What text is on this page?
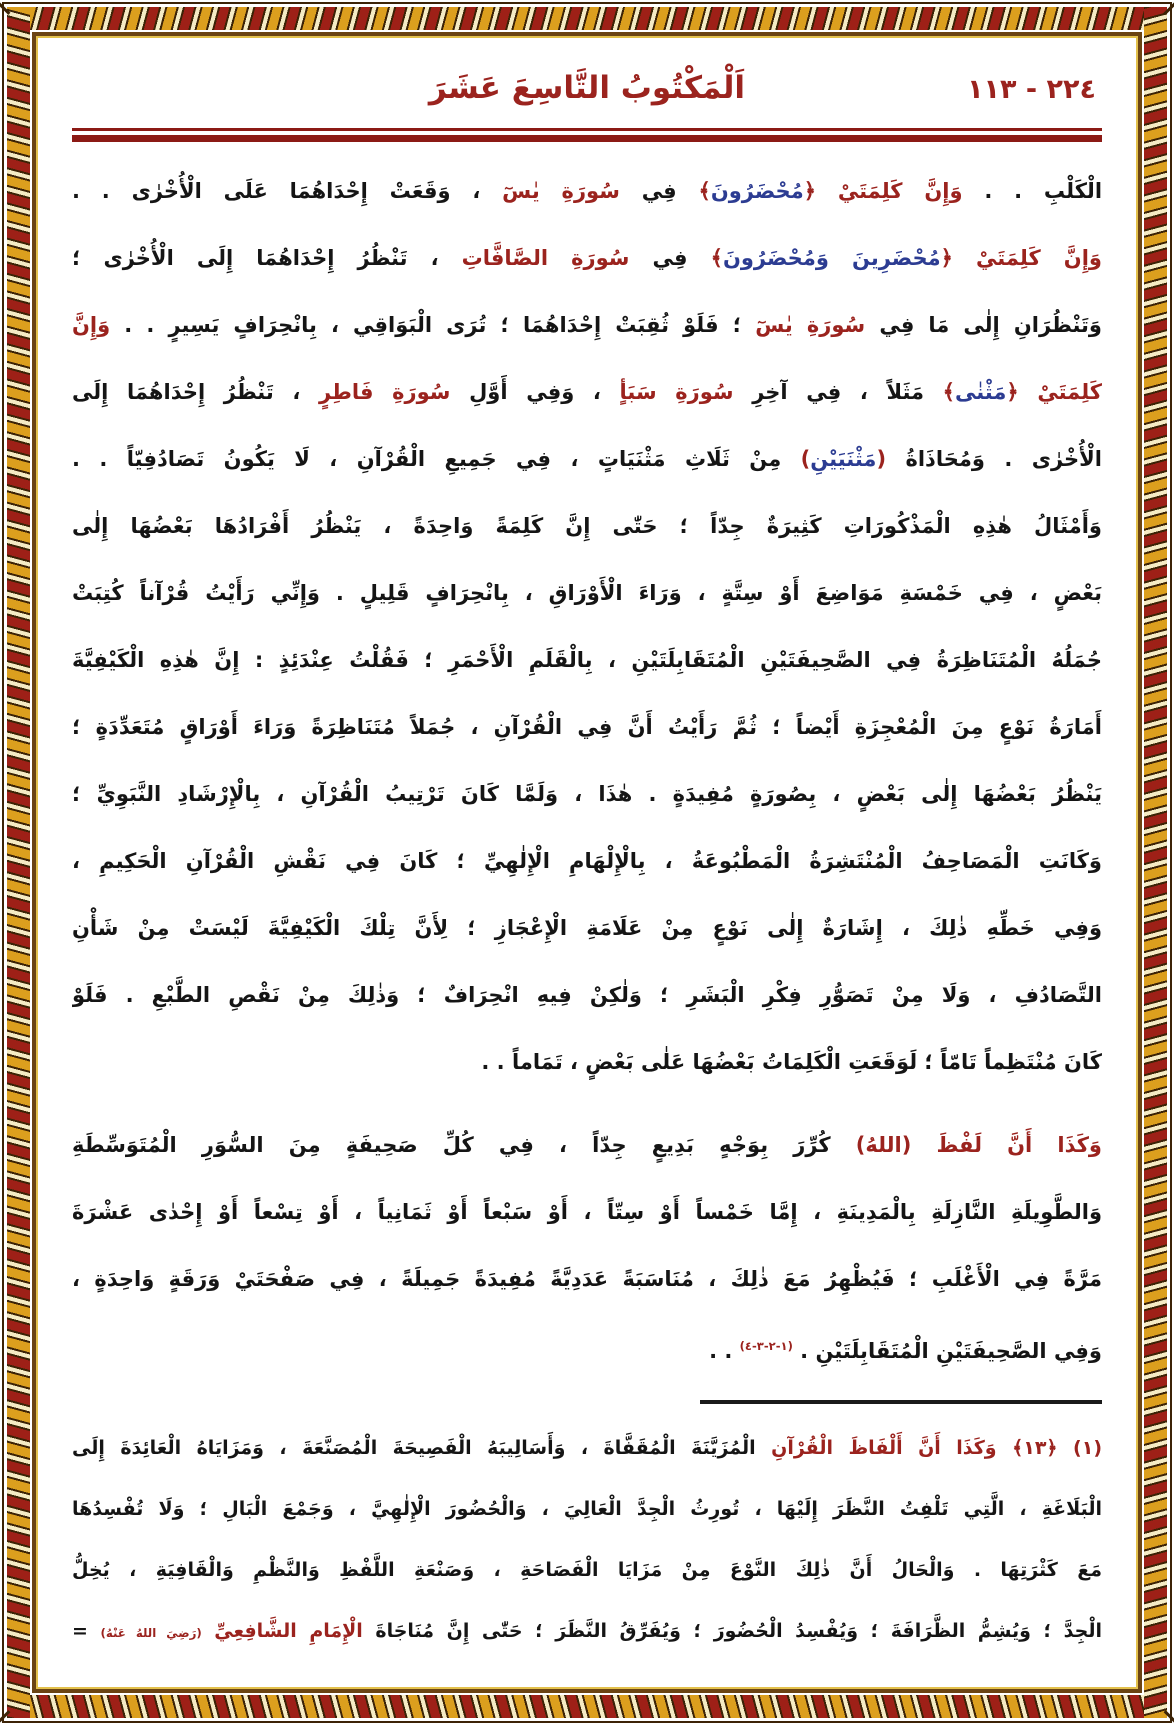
٢٢٤ - ١١٣
اَلْمَكْتُوبُ التَّاسِعَ عَشَرَ
الْكَلْبِ . . وَإِنَّ كَلِمَتَيْ ﴿مُحْضَرُونَ﴾ فِي سُورَةِ يٰسٓ ، وَقَعَتْ إِحْدَاهُمَا عَلَى الْأُخْرٰى . .
وَإِنَّ كَلِمَتَيْ ﴿مُحْضَرِينَ وَمُحْضَرُونَ﴾ فِي سُورَةِ الصَّافَّاتِ ، تَنْظُرُ إِحْدَاهُمَا إِلَى الْأُخْرٰى ؛
وَتَنْظُرَانِ إِلٰى مَا فِي سُورَةِ يٰسٓ ؛ فَلَوْ ثُقِبَتْ إِحْدَاهُمَا ؛ تُرَى الْبَوَاقِي ، بِانْحِرَافٍ يَسِيرٍ . . وَإِنَّ
كَلِمَتَيْ ﴿مَثْنٰى﴾ مَثَلاً ، فِي آخِرِ سُورَةِ سَبَأٍ ، وَفِي أَوَّلِ سُورَةِ فَاطِرٍ ، تَنْظُرُ إِحْدَاهُمَا إِلَى
الْأُخْرٰى . وَمُحَاذَاةُ (مَثْنَيَيْنِ) مِنْ ثَلَاثِ مَثْنَيَاتٍ ، فِي جَمِيعِ الْقُرْآنِ ، لَا يَكُونُ تَصَادُفِيّاً . .
وَأَمْثَالُ هٰذِهِ الْمَذْكُورَاتِ كَثِيرَةٌ جِدّاً ؛ حَتّٰى إِنَّ كَلِمَةً وَاحِدَةً ، يَنْظُرُ أَفْرَادُهَا بَعْضُهَا إِلٰى
بَعْضٍ ، فِي خَمْسَةِ مَوَاضِعَ أَوْ سِتَّةٍ ، وَرَاءَ الْأَوْرَاقِ ، بِانْحِرَافٍ قَلِيلٍ . وَإِنِّي رَأَيْتُ قُرْآناً كُتِبَتْ
جُمَلُهُ الْمُتَنَاظِرَةُ فِي الصَّحِيفَتَيْنِ الْمُتَقَابِلَتَيْنِ ، بِالْقَلَمِ الْأَحْمَرِ ؛ فَقُلْتُ عِنْدَئِذٍ : إِنَّ هٰذِهِ الْكَيْفِيَّةَ
أَمَارَةُ نَوْعٍ مِنَ الْمُعْجِزَةِ أَيْضاً ؛ ثُمَّ رَأَيْتُ أَنَّ فِي الْقُرْآنِ ، جُمَلاً مُتَنَاظِرَةً وَرَاءَ أَوْرَاقٍ مُتَعَدِّدَةٍ ؛
يَنْظُرُ بَعْضُهَا إِلٰى بَعْضٍ ، بِصُورَةٍ مُفِيدَةٍ . هٰذَا ، وَلَمَّا كَانَ تَرْتِيبُ الْقُرْآنِ ، بِالْإِرْشَادِ النَّبَوِيِّ ؛
وَكَانَتِ الْمَصَاحِفُ الْمُنْتَشِرَةُ الْمَطْبُوعَةُ ، بِالْإِلْهَامِ الْإِلٰهِيِّ ؛ كَانَ فِي نَقْشِ الْقُرْآنِ الْحَكِيمِ ،
وَفِي خَطِّهِ ذٰلِكَ ، إِشَارَةٌ إِلٰى نَوْعٍ مِنْ عَلَامَةِ الْإِعْجَازِ ؛ لِأَنَّ تِلْكَ الْكَيْفِيَّةَ لَيْسَتْ مِنْ شَأْنِ
التَّصَادُفِ ، وَلَا مِنْ تَصَوُّرِ فِكْرِ الْبَشَرِ ؛ وَلٰكِنْ فِيهِ انْحِرَافٌ ؛ وَذٰلِكَ مِنْ نَقْصِ الطَّبْعِ . فَلَوْ
كَانَ مُنْتَظِماً تَامّاً ؛ لَوَقَعَتِ الْكَلِمَاتُ بَعْضُهَا عَلٰى بَعْضٍ ، تَمَاماً . .
وَكَذَا أَنَّ لَفْظَ (اللهُ) كُرِّرَ بِوَجْهٍ بَدِيعٍ جِدّاً ، فِي كُلِّ صَحِيفَةٍ مِنَ السُّوَرِ الْمُتَوَسِّطَةِ
وَالطَّوِيلَةِ النَّازِلَةِ بِالْمَدِينَةِ ، إِمَّا خَمْساً أَوْ سِتّاً ، أَوْ سَبْعاً أَوْ ثَمَانِياً ، أَوْ تِسْعاً أَوْ إِحْدٰى عَشْرَةَ
مَرَّةً فِي الْأَغْلَبِ ؛ فَيُظْهِرُ مَعَ ذٰلِكَ ، مُنَاسَبَةً عَدَدِيَّةً مُفِيدَةً جَمِيلَةً ، فِي صَفْحَتَيْ وَرَقَةٍ وَاحِدَةٍ ،
وَفِي الصَّحِيفَتَيْنِ الْمُتَقَابِلَتَيْنِ . $^{(١-٢-٣-٤)}$ . .
(١) ﴿١٣﴾ وَكَذَا أَنَّ أَلْفَاظَ الْقُرْآنِ الْمُزَيَّنَةَ الْمُقَفَّاةَ ، وَأَسَالِيبَهُ الْفَصِيحَةَ الْمُصَنَّعَةَ ، وَمَزَايَاهُ الْعَائِدَةَ إِلَى
الْبَلَاغَةِ ، الَّتِي تَلْفِتُ النَّظَرَ إِلَيْهَا ، تُورِثُ الْجِدَّ الْعَالِيَ ، وَالْحُضُورَ الْإِلٰهِيَّ ، وَجَمْعَ الْبَالِ ؛ وَلَا تُفْسِدُهَا
مَعَ كَثْرَتِهَا . وَالْحَالُ أَنَّ ذٰلِكَ النَّوْعَ مِنْ مَزَايَا الْفَصَاحَةِ ، وَصَنْعَةِ اللَّفْظِ وَالنَّظْمِ وَالْقَافِيَةِ ، يُخِلُّ
الْجِدَّ ؛ وَيُشِمُّ الظَّرَافَةَ ؛ وَيُفْسِدُ الْحُضُورَ ؛ وَيُفَرِّقُ النَّظَرَ ؛ حَتّٰى إِنَّ مُنَاجَاةَ الْإِمَامِ الشَّافِعِيِّ (رَضِيَ اللهُ عَنْهُ) =
